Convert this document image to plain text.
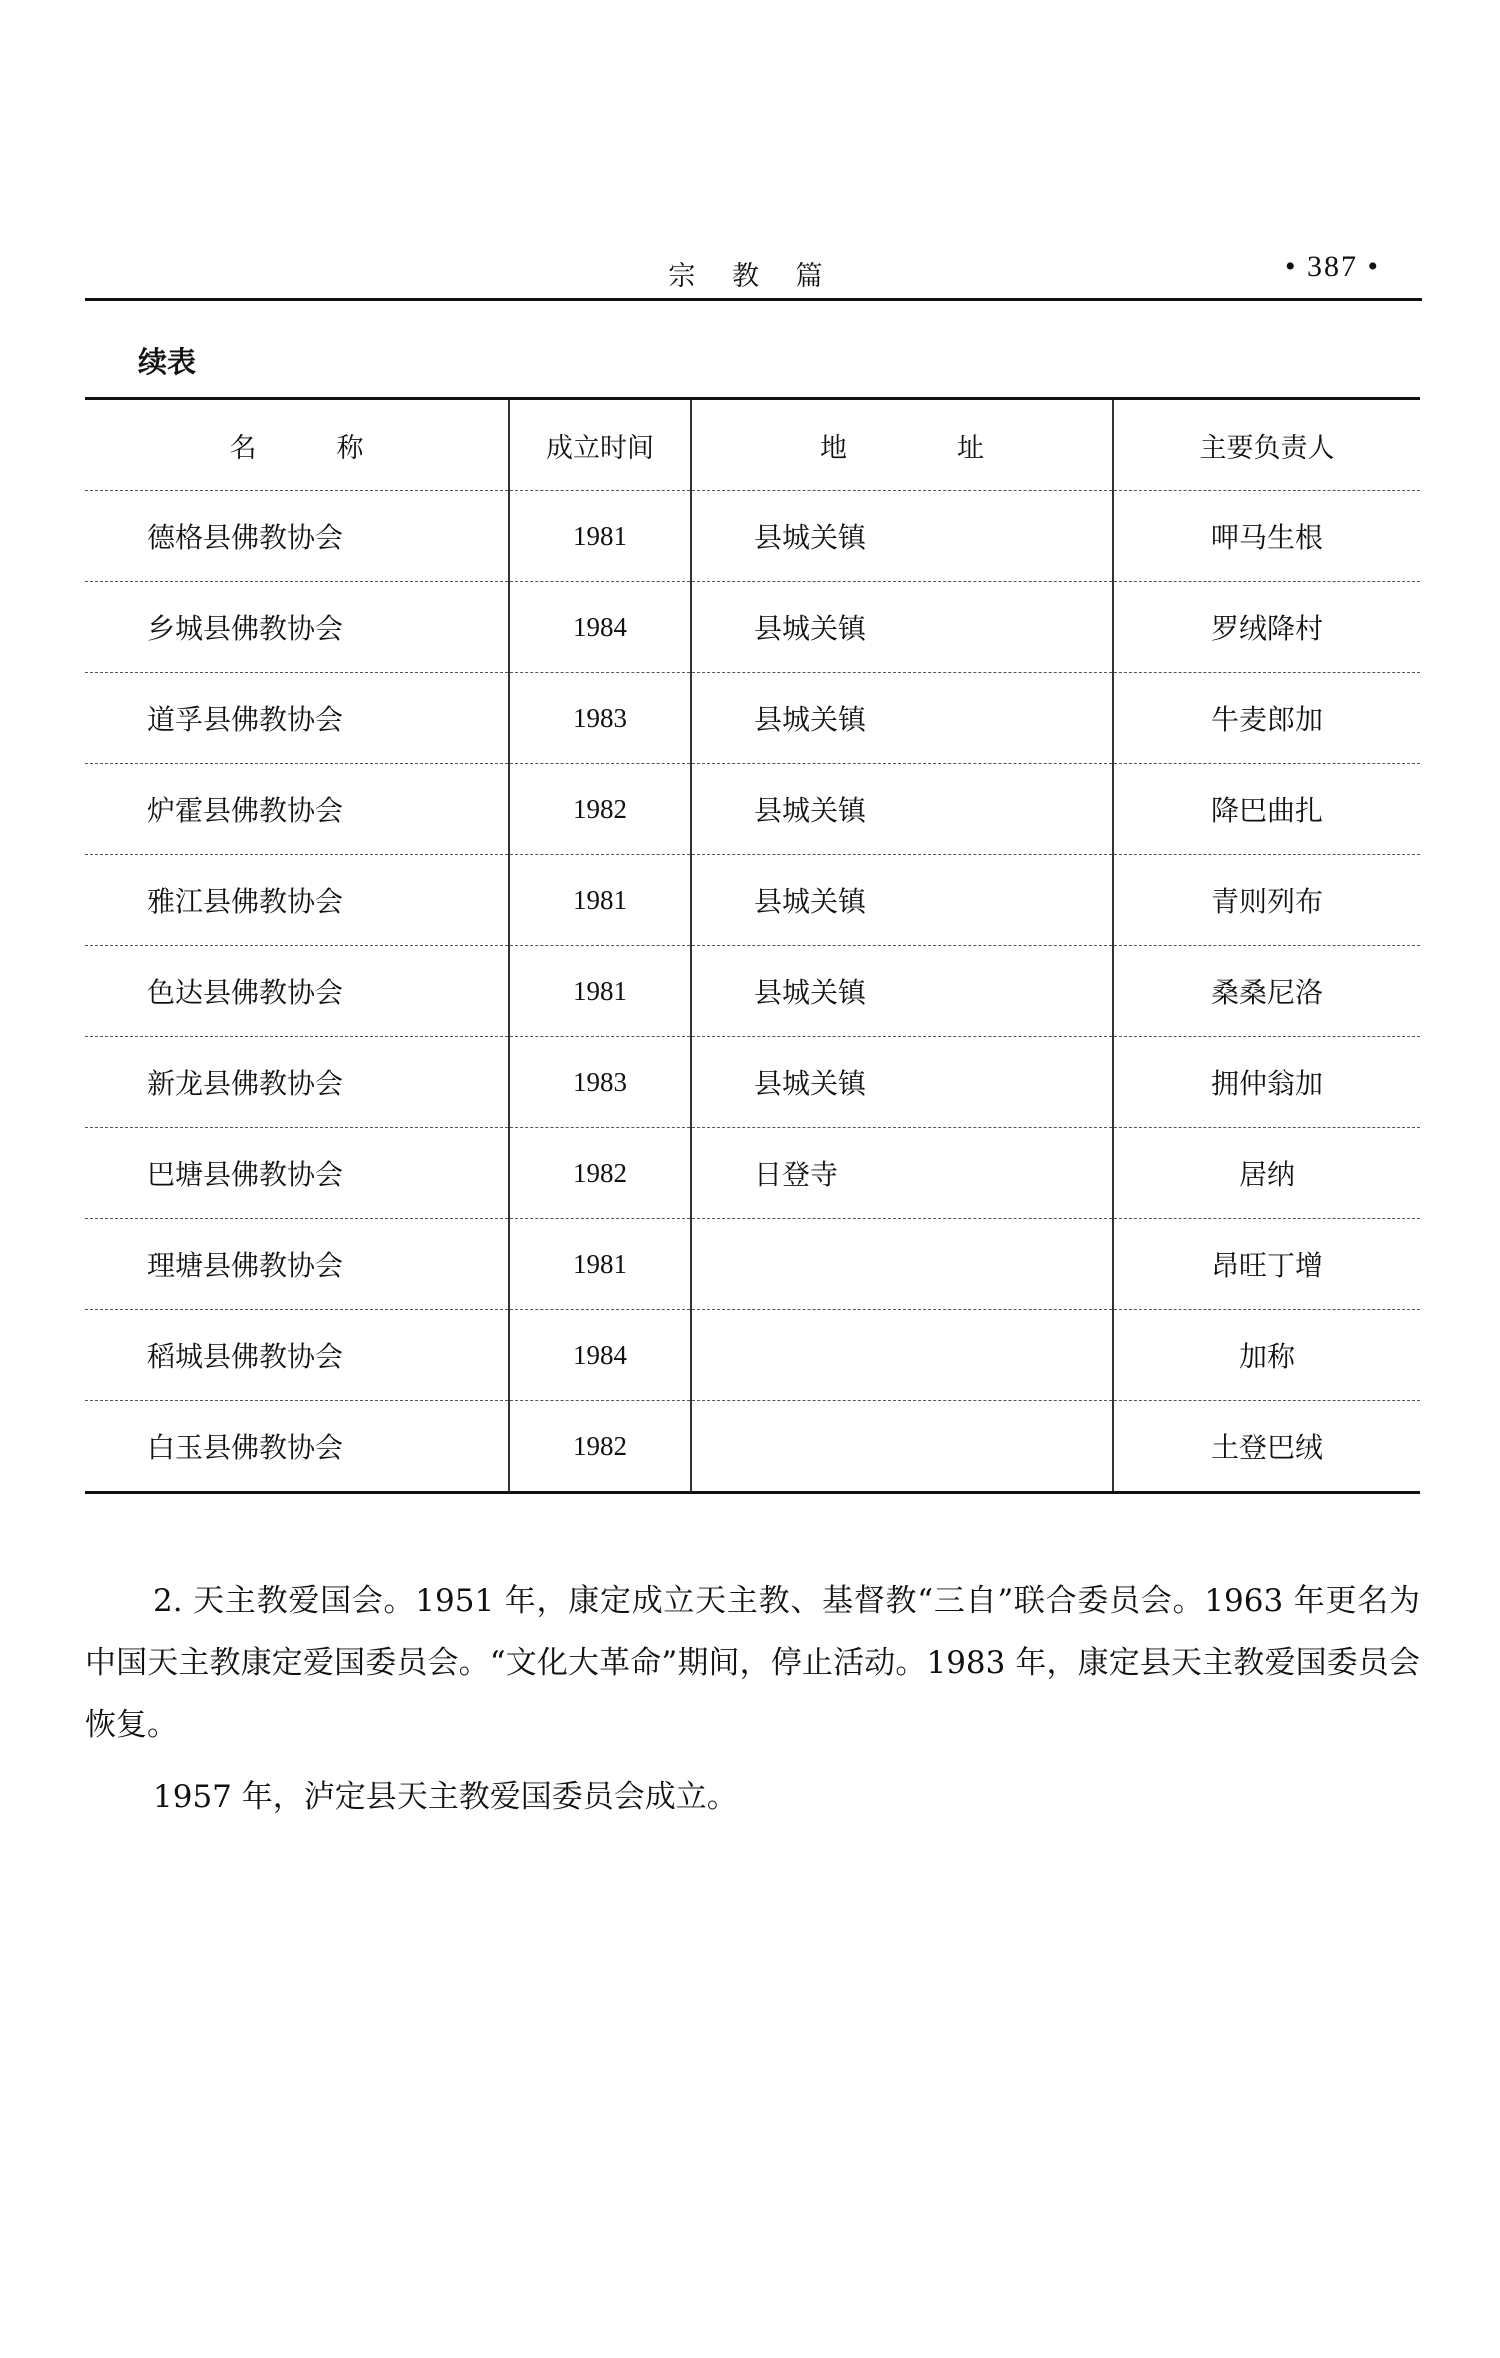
宗 教 篇	• 387 •
续表
名称	成立时间	地址	主要负责人
德格县佛教协会	1981	县城关镇	呷马生根
乡城县佛教协会	1984	县城关镇	罗绒降村
道孚县佛教协会	1983	县城关镇	牛麦郎加
炉霍县佛教协会	1982	县城关镇	降巴曲扎
雅江县佛教协会	1981	县城关镇	青则列布
色达县佛教协会	1981	县城关镇	桑桑尼洛
新龙县佛教协会	1983	县城关镇	拥仲翁加
巴塘县佛教协会	1982	日登寺	居纳
理塘县佛教协会	1981		昂旺丁增
稻城县佛教协会	1984		加称
白玉县佛教协会	1982		土登巴绒

2. 天主教爱国会。1951 年，康定成立天主教、基督教“三自”联合委员会。1963 年更名为中国天主教康定爱国委员会。“文化大革命”期间，停止活动。1983 年，康定县天主教爱国委员会恢复。

1957 年，泸定县天主教爱国委员会成立。
